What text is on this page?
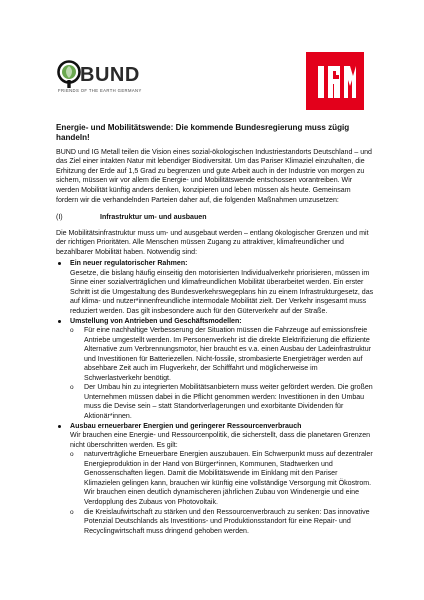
BUND
FRIENDS OF THE EARTH GERMANY

Energie- und Mobilitätswende: Die kommende Bundesregierung muss zügig handeln!

BUND und IG Metall teilen die Vision eines sozial-ökologischen Industriestandorts Deutschland – und das Ziel einer intakten Natur mit lebendiger Biodiversität. Um das Pariser Klimaziel einzuhalten, die Erhitzung der Erde auf 1,5 Grad zu begrenzen und gute Arbeit auch in der Industrie von morgen zu sichern, müssen wir vor allem die Energie- und Mobilitätswende entschossen vorantreiben. Wir werden Mobilität künftig anders denken, konzipieren und leben müssen als heute. Gemeinsam fordern wir die verhandelnden Parteien daher auf, die folgenden Maßnahmen umzusetzen:

(I)	Infrastruktur um- und ausbauen

Die Mobilitätsinfrastruktur muss um- und ausgebaut werden – entlang ökologischer Grenzen und mit der richtigen Prioritäten. Alle Menschen müssen Zugang zu attraktiver, klimafreundlicher und bezahlbarer Mobilität haben. Notwendig sind:

Ein neuer regulatorischer Rahmen:
Gesetze, die bislang häufig einseitig den motorisierten Individualverkehr priorisieren, müssen im Sinne einer sozialverträglichen und klimafreundlichen Mobilität überarbeitet werden. Ein erster Schritt ist die Umgestaltung des Bundesverkehrswegeplans hin zu einem Infrastrukturgesetz, das auf klima- und nutzer*innenfreundliche intermodale Mobilität zielt. Der Verkehr insgesamt muss reduziert werden. Das gilt insbesondere auch für den Güterverkehr auf der Straße.
Umstellung von Antrieben und Geschäftsmodellen:
o Für eine nachhaltige Verbesserung der Situation müssen die Fahrzeuge auf emissionsfreie Antriebe umgestellt werden. Im Personenverkehr ist die direkte Elektrifizierung die effiziente Alternative zum Verbrennungsmotor, hier braucht es v.a. einen Ausbau der Ladeinfrastruktur und Investitionen für Batteriezellen. Nicht-fossile, strombasierte Energieträger werden auf absehbare Zeit auch im Flugverkehr, der Schifffahrt und möglicherweise im Schwerlastverkehr benötigt.
o Der Umbau hin zu integrierten Mobilitätsanbietern muss weiter gefördert werden. Die großen Unternehmen müssen dabei in die Pflicht genommen werden: Investitionen in den Umbau muss die Devise sein – statt Standortverlagerungen und exorbitante Dividenden für Aktionär*innen.
Ausbau erneuerbarer Energien und geringerer Ressourcenverbrauch
Wir brauchen eine Energie- und Ressourcenpolitik, die sicherstellt, dass die planetaren Grenzen nicht überschritten werden. Es gilt:
o naturverträgliche Erneuerbare Energien auszubauen. Ein Schwerpunkt muss auf dezentraler Energieproduktion in der Hand von Bürger*innen, Kommunen, Stadtwerken und Genossenschaften liegen. Damit die Mobilitätswende im Einklang mit den Pariser Klimazielen gelingen kann, brauchen wir künftig eine vollständige Versorgung mit Ökostrom. Wir brauchen einen deutlich dynamischeren jährlichen Zubau von Windenergie und eine Verdopplung des Zubaus von Photovoltaik.
o die Kreislaufwirtschaft zu stärken und den Ressourcenverbrauch zu senken: Das innovative Potenzial Deutschlands als Investitions- und Produktionsstandort für eine Repair- und Recyclingwirtschaft muss dringend gehoben werden.
